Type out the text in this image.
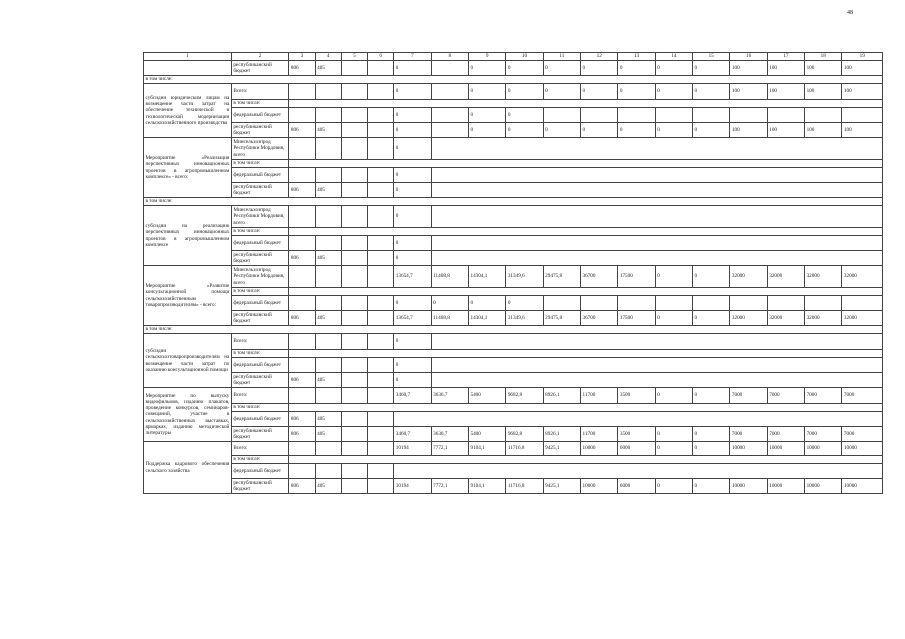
48
1	2	3	4	5	6	7	8	9	10	11	12	13	14	15	16	17	18	19
	республиканский бюджет	806	405			0		0	0	0	0	0	0	0	100	100	100	100
в том числе:																		
субсидии юридическим лицам на возмещение части затрат на обеспечение технической и технологической модернизации сельскохозяйственного производства	Всего:					0		0	0	0	0	0	0	0	100	100	100	100
	в том числе:																	
	федеральный бюджет					0		0	0									
	республиканский бюджет	806	405			0		0	0	0	0	0	0	0	100	100	100	100
Мероприятие «Реализация перспективных инновационных проектов в агропромышленном комплексе» - всего:	Минсельхозпрод Республики Мордовия, всего					0												
	в том числе:																	
	федеральный бюджет					0												
	республиканский бюджет	806	405			0												
в том числе:																		
субсидии на реализацию перспективных инновационных проектов в агропромышленном комплексе	Минсельхозпрод Республики Мордовия, всего					0												
	в том числе:																	
	федеральный бюджет					0												
	республиканский бюджет	806	405			0												
Мероприятие «Развитие консультационной помощи сельскохозяйственным товаропроизводителям» - всего:	Минсельхозпрод Республики Мордовия, всего					13654,7	11408,8	14304,1	31349,6	29475,8	36700	17500	0	0	32000	32000	32000	32000
	в том числе:																	
	федеральный бюджет					0	0	0	0									
	республиканский бюджет	806	405			13654,7	11408,8	14304,1	31349,6	29475,8	36700	17500	0	0	32000	32000	32000	32000
в том числе:																		
субсидии сельскохозтоваропроизводителям на возмещение части затрат по оказанию консультационной помощи	Всего:					0												
	в том числе:																	
	федеральный бюджет					0												
	республиканский бюджет	806	405			0												
Мероприятие по выпуску видеофильмов, изданию плакатов, проведение конкурсов, семинаров-совещаний, участие в сельскохозяйственных выставках, ярмарках, изданию методической литературы	Всего:					3460,7	3636,7	5400	9682,8	8926,1	11700	3500	0	0	7000	7000	7000	7000
	в том числе:																	
	федеральный бюджет	806	405															
	республиканский бюджет	806	405			3460,7	3636,7	5400	9682,8	8926,1	11700	3500	0	0	7000	7000	7000	7000
Поддержка кадрового обеспечения сельского хозяйства	Всего:					10194	7772,1	9104,1	11716,8	9425,1	10000	6000	0	0	10000	10000	10000	10000
	в том числе:																	
	федеральный бюджет																	
	республиканский бюджет	806	405			10194	7772,1	9104,1	11716,8	9425,1	10000	6000	0	0	10000	10000	10000	10000
